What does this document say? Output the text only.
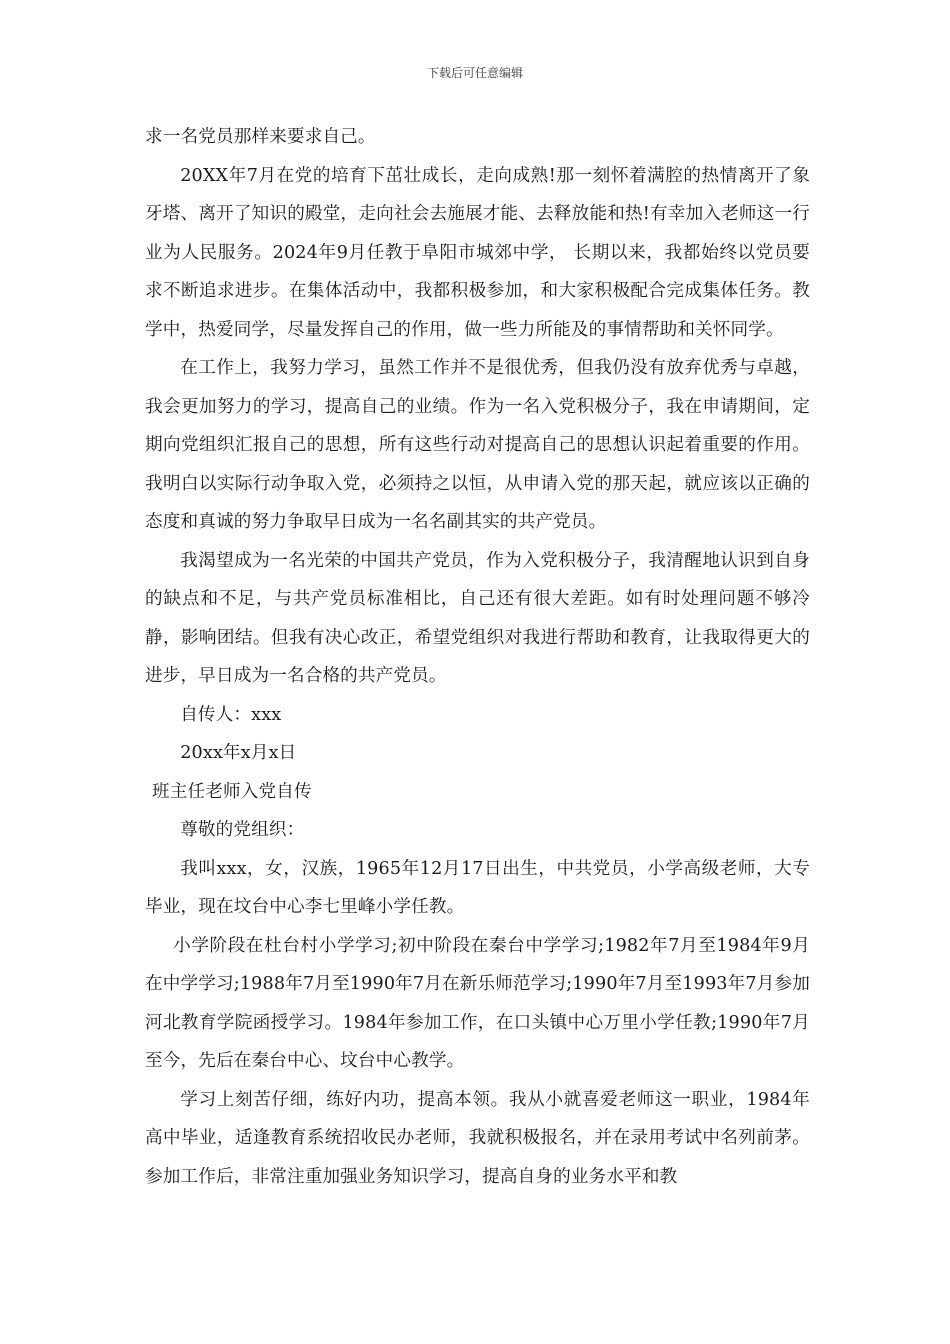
下载后可任意编辑

求一名党员那样来要求自己。

20XX年7月在党的培育下茁壮成长，走向成熟!那一刻怀着满腔的热情离开了象牙塔、离开了知识的殿堂，走向社会去施展才能、去释放能和热!有幸加入老师这一行业为人民服务。2024年9月任教于阜阳市城郊中学， 长期以来，我都始终以党员要求不断追求进步。在集体活动中，我都积极参加，和大家积极配合完成集体任务。教学中，热爱同学，尽量发挥自己的作用，做一些力所能及的事情帮助和关怀同学。

在工作上，我努力学习，虽然工作并不是很优秀，但我仍没有放弃优秀与卓越，我会更加努力的学习，提高自己的业绩。作为一名入党积极分子，我在申请期间，定期向党组织汇报自己的思想，所有这些行动对提高自己的思想认识起着重要的作用。我明白以实际行动争取入党，必须持之以恒，从申请入党的那天起，就应该以正确的态度和真诚的努力争取早日成为一名名副其实的共产党员。

我渴望成为一名光荣的中国共产党员，作为入党积极分子，我清醒地认识到自身的缺点和不足，与共产党员标准相比，自己还有很大差距。如有时处理问题不够冷静，影响团结。但我有决心改正，希望党组织对我进行帮助和教育，让我取得更大的进步，早日成为一名合格的共产党员。

自传人：xxx

20xx年x月x日

班主任老师入党自传

尊敬的党组织：

我叫xxx，女，汉族，1965年12月17日出生，中共党员，小学高级老师，大专毕业，现在坟台中心李七里峰小学任教。

小学阶段在杜台村小学学习;初中阶段在秦台中学学习;1982年7月至1984年9月在中学学习;1988年7月至1990年7月在新乐师范学习;1990年7月至1993年7月参加河北教育学院函授学习。1984年参加工作，在口头镇中心万里小学任教;1990年7月至今，先后在秦台中心、坟台中心教学。

学习上刻苦仔细，练好内功，提高本领。我从小就喜爱老师这一职业，1984年高中毕业，适逢教育系统招收民办老师，我就积极报名，并在录用考试中名列前茅。参加工作后，非常注重加强业务知识学习，提高自身的业务水平和教
